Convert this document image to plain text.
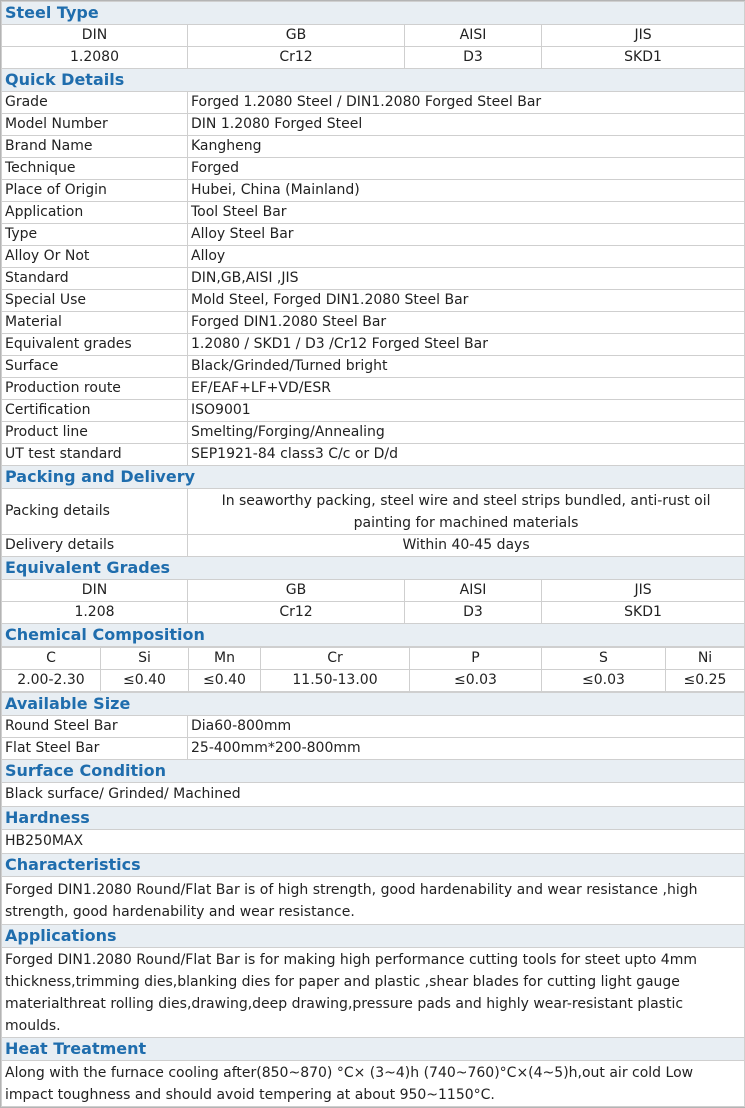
Steel Type			
DIN	GB	AISI	JIS
1.2080	Cr12	D3	SKD1
Quick Details			
Grade	Forged 1.2080 Steel / DIN1.2080 Forged Steel Bar		
Model Number	DIN 1.2080 Forged Steel		
Brand Name	Kangheng		
Technique	Forged		
Place of Origin	Hubei, China (Mainland)		
Application	Tool Steel Bar		
Type	Alloy Steel Bar		
Alloy Or Not	Alloy		
Standard	DIN,GB,AISI ,JIS		
Special Use	Mold Steel, Forged DIN1.2080 Steel Bar		
Material	Forged DIN1.2080 Steel Bar		
Equivalent grades	1.2080 / SKD1 / D3 /Cr12 Forged Steel Bar		
Surface	Black/Grinded/Turned bright		
Production route	EF/EAF+LF+VD/ESR		
Certification	ISO9001		
Product line	Smelting/Forging/Annealing		
UT test standard	SEP1921-84 class3 C/c or D/d		
Packing and Delivery			
Packing details	In seaworthy packing, steel wire and steel strips bundled, anti-rust oil painting for machined materials		
Delivery details	Within 40-45 days		
Equivalent Grades			
DIN	GB	AISI	JIS
1.208	Cr12	D3	SKD1
Chemical Composition			
C	Si	Mn	Cr	P	S	Ni
2.00-2.30	≤0.40	≤0.40	11.50-13.00	≤0.03	≤0.03	≤0.25
Available Size	
Round Steel Bar	Dia60-800mm
Flat Steel Bar	25-400mm*200-800mm
Surface Condition	
Black surface/ Grinded/ Machined	
Hardness	
HB250MAX	
Characteristics	
Forged DIN1.2080 Round/Flat Bar is of high strength, good hardenability and wear resistance ,high strength, good hardenability and wear resistance.	
Applications	
Forged DIN1.2080 Round/Flat Bar is for making high performance cutting tools for steet upto 4mm thickness,trimming dies,blanking dies for paper and plastic ,shear blades for cutting light gauge materialthreat rolling dies,drawing,deep drawing,pressure pads and highly wear-resistant plastic moulds.	
Heat Treatment	
Along with the furnace cooling after(850~870) °C× (3~4)h (740~760)°C×(4~5)h,out air cold Low impact toughness and should avoid tempering at about 950~1150°C.	
